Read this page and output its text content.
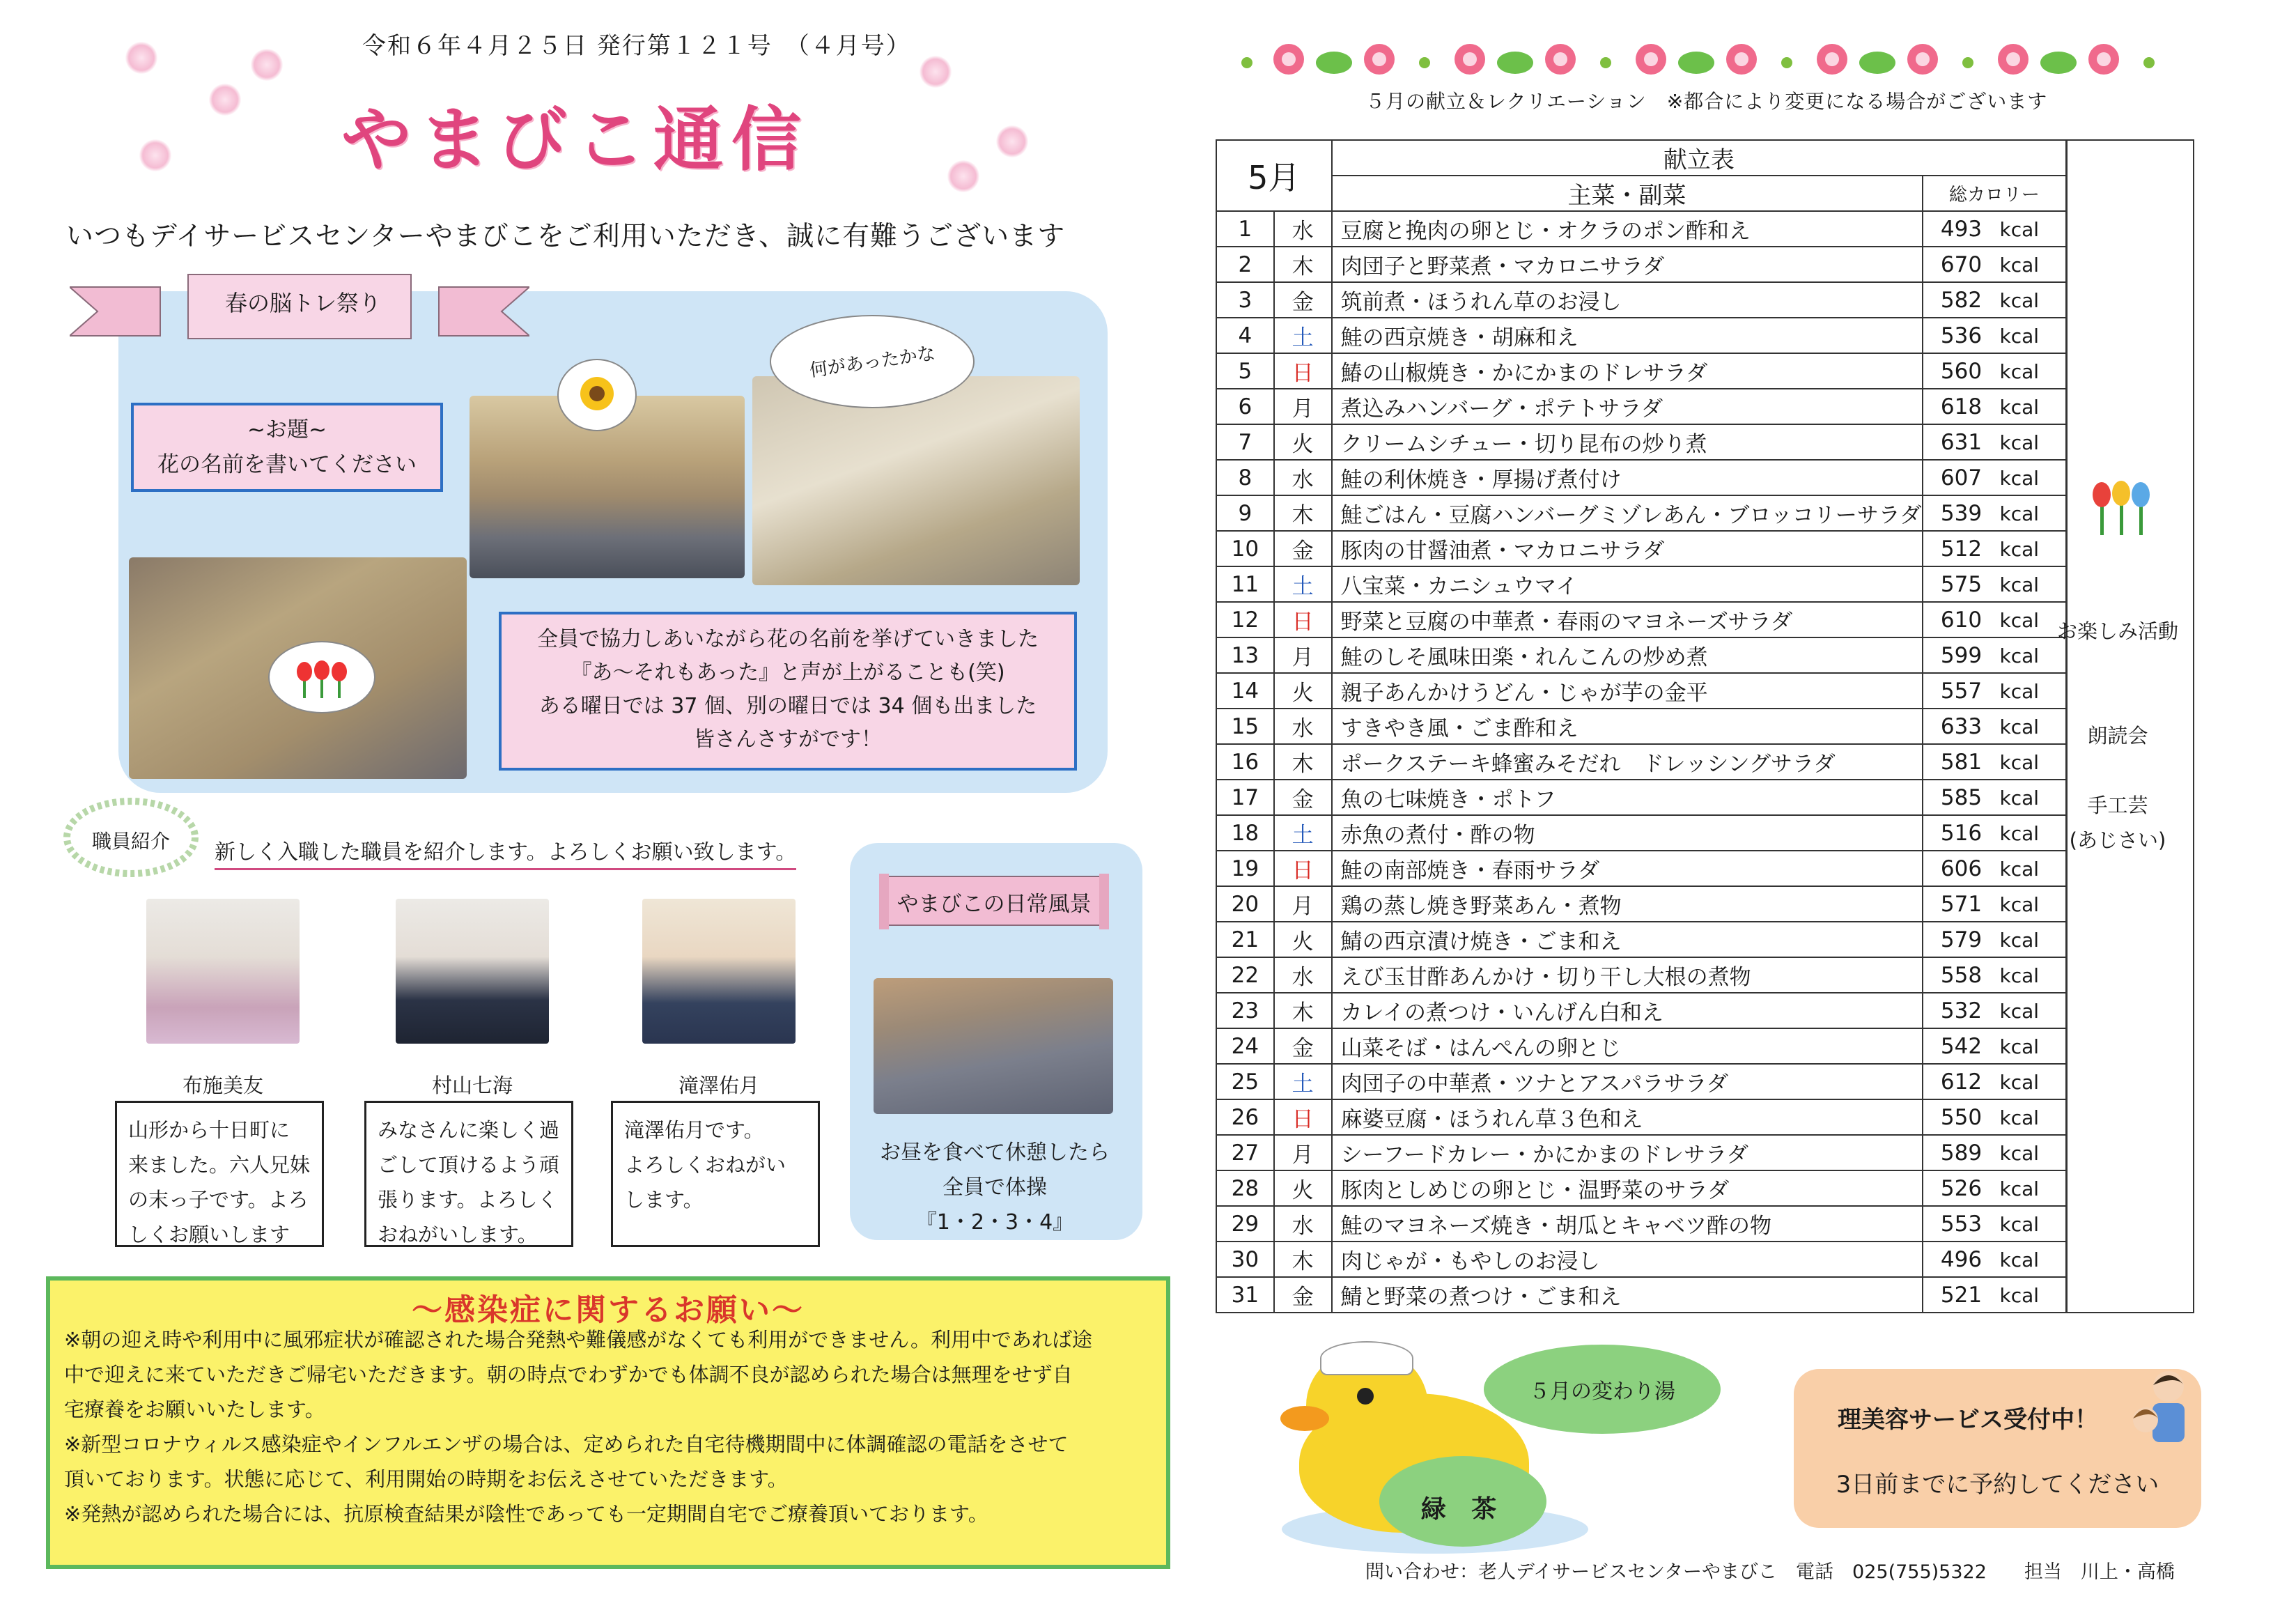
令和６年４月２５日 発行第１２１号　（４月号）
やまびこ通信
いつもデイサービスセンターやまびこをご利用いただき、誠に有難うございます
春の脳トレ祭り
~お題~
花の名前を書いてください
何があったかな
全員で協力しあいながら花の名前を挙げていきました
『あ～それもあった』と声が上がることも(笑)
ある曜日では 37 個、別の曜日では 34 個も出ました
皆さんさすがです！
職員紹介	新しく入職した職員を紹介します。よろしくお願い致します。
布施美友	村山七海	滝澤佑月
山形から十日町に
来ました。六人兄妹
の末っ子です。よろ
しくお願いします
みなさんに楽しく過
ごして頂けるよう頑
張ります。よろしく
おねがいします。
滝澤佑月です。
よろしくおねがい
します。
やまびこの日常風景
お昼を食べて休憩したら
全員で体操
『1・2・3・4』
～感染症に関するお願い～
※朝の迎え時や利用中に風邪症状が確認された場合発熱や難儀感がなくても利用ができません。利用中であれば途
中で迎えに来ていただきご帰宅いただきます。朝の時点でわずかでも体調不良が認められた場合は無理をせず自
宅療養をお願いいたします。
※新型コロナウィルス感染症やインフルエンザの場合は、定められた自宅待機期間中に体調確認の電話をさせて
頂いております。状態に応じて、利用開始の時期をお伝えさせていただきます。
※発熱が認められた場合には、抗原検査結果が陰性であっても一定期間自宅でご療養頂いております。
５月の献立＆レクリエーション　※都合により変更になる場合がございます
5月		献立表		
		主菜・副菜	総カロリー	
1	水	豆腐と挽肉の卵とじ・オクラのポン酢和え	493 kcal	
2	木	肉団子と野菜煮・マカロニサラダ	670 kcal	
3	金	筑前煮・ほうれん草のお浸し	582 kcal	
4	土	鮭の西京焼き・胡麻和え	536 kcal	
5	日	鰆の山椒焼き・かにかまのドレサラダ	560 kcal	
6	月	煮込みハンバーグ・ポテトサラダ	618 kcal	
7	火	クリームシチュー・切り昆布の炒り煮	631 kcal	
8	水	鮭の利休焼き・厚揚げ煮付け	607 kcal	
9	木	鮭ごはん・豆腐ハンバーグミゾレあん・ブロッコリーサラダ	539 kcal	
10	金	豚肉の甘醤油煮・マカロニサラダ	512 kcal	
11	土	八宝菜・カニシュウマイ	575 kcal	
12	日	野菜と豆腐の中華煮・春雨のマヨネーズサラダ	610 kcal	
13	月	鮭のしそ風味田楽・れんこんの炒め煮	599 kcal	
14	火	親子あんかけうどん・じゃが芋の金平	557 kcal	
15	水	すきやき風・ごま酢和え	633 kcal	
16	木	ポークステーキ蜂蜜みそだれ　ドレッシングサラダ	581 kcal	
17	金	魚の七味焼き・ポトフ	585 kcal	
18	土	赤魚の煮付・酢の物	516 kcal	
19	日	鮭の南部焼き・春雨サラダ	606 kcal	
20	月	鶏の蒸し焼き野菜あん・煮物	571 kcal	
21	火	鯖の西京漬け焼き・ごま和え	579 kcal	
22	水	えび玉甘酢あんかけ・切り干し大根の煮物	558 kcal	
23	木	カレイの煮つけ・いんげん白和え	532 kcal	
24	金	山菜そば・はんぺんの卵とじ	542 kcal	
25	土	肉団子の中華煮・ツナとアスパラサラダ	612 kcal	
26	日	麻婆豆腐・ほうれん草３色和え	550 kcal	
27	月	シーフードカレー・かにかまのドレサラダ	589 kcal	
28	火	豚肉としめじの卵とじ・温野菜のサラダ	526 kcal	
29	水	鮭のマヨネーズ焼き・胡瓜とキャベツ酢の物	553 kcal	
30	木	肉じゃが・もやしのお浸し	496 kcal	
31	金	鯖と野菜の煮つけ・ごま和え	521 kcal	
お楽しみ活動
朗読会
手工芸
(あじさい)
５月の変わり湯
緑 茶
理美容サービス受付中！
3日前までに予約してください
問い合わせ：老人デイサービスセンターやまびこ　電話　025(755)5322　　担当　川上・高橋
